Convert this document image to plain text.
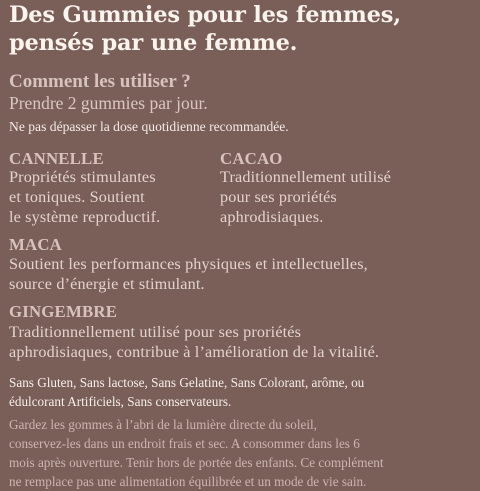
Des Gummies pour les femmes,
pensés par une femme.
Comment les utiliser ?
Prendre 2 gummies par jour.
Ne pas dépasser la dose quotidienne recommandée.
CANNELLE
Propriétés stimulantes
et toniques. Soutient
le système reproductif.
CACAO
Traditionnellement utilisé
pour ses proriétés
aphrodisiaques.
MACA
Soutient les performances physiques et intellectuelles,
source d’énergie et stimulant.
GINGEMBRE
Traditionnellement utilisé pour ses proriétés
aphrodisiaques, contribue à l’amélioration de la vitalité.
Sans Gluten, Sans lactose, Sans Gelatine, Sans Colorant, arôme, ou
édulcorant Artificiels, Sans conservateurs.
Gardez les gommes à l’abri de la lumière directe du soleil,
conservez-les dans un endroit frais et sec. A consommer dans les 6
mois après ouverture. Tenir hors de portée des enfants. Ce complément
ne remplace pas une alimentation équilibrée et un mode de vie sain.
